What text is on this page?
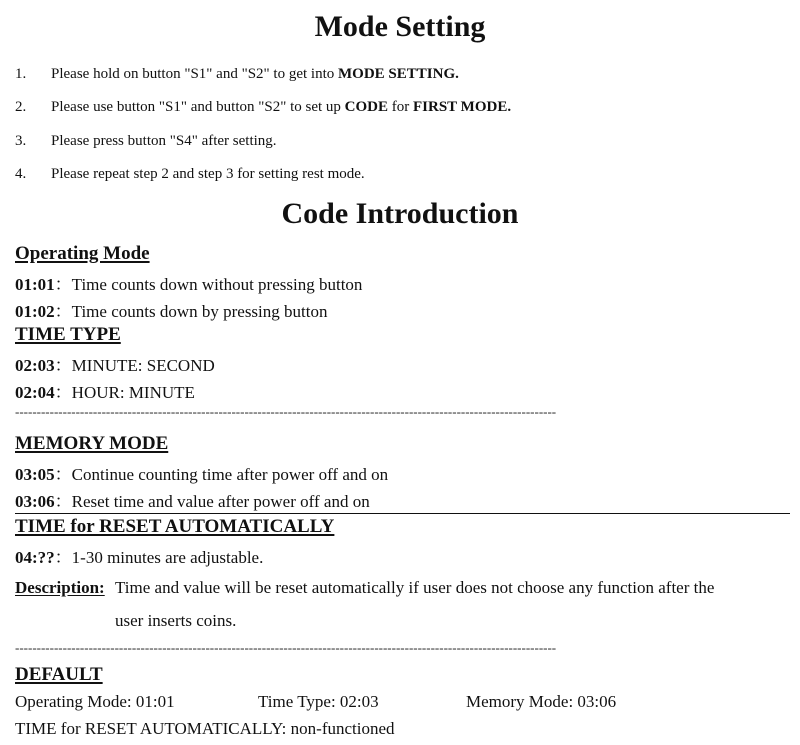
Mode Setting
1. Please hold on button "S1" and "S2" to get into MODE SETTING.
2. Please use button "S1" and button "S2" to set up CODE for FIRST MODE.
3. Please press button "S4" after setting.
4. Please repeat step 2 and step 3 for setting rest mode.
Code Introduction
Operating Mode
01:01：Time counts down without pressing button
01:02：Time counts down by pressing button
TIME TYPE
02:03：MINUTE: SECOND
02:04：HOUR: MINUTE
-----------------------------------------------------------------------------------------------------------------------------
MEMORY MODE
03:05：Continue counting time after power off and on
03:06：Reset time and value after power off and on
TIME for RESET AUTOMATICALLY
04:??：1-30 minutes are adjustable.
Description: Time and value will be reset automatically if user does not choose any function after the
user inserts coins.
-----------------------------------------------------------------------------------------------------------------------------
DEFAULT
Operating Mode: 01:01	Time Type: 02:03	Memory Mode: 03:06
TIME for RESET AUTOMATICALLY: non-functioned
